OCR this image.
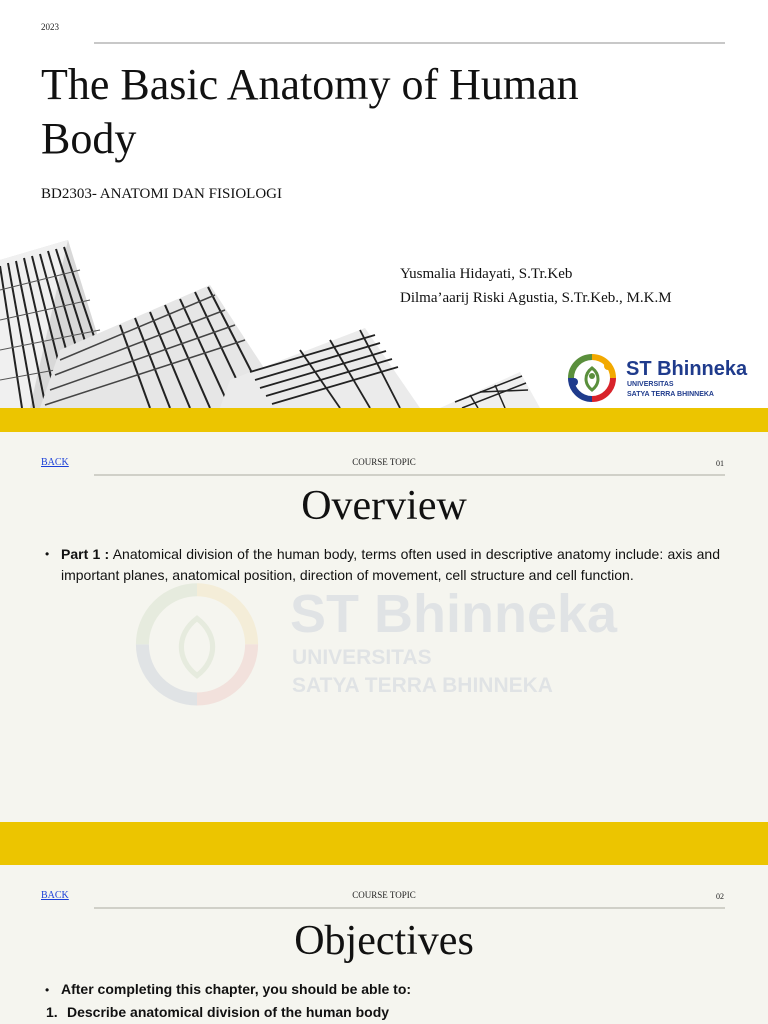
2023
The Basic Anatomy of Human Body
BD2303- ANATOMI DAN FISIOLOGI
Yusmalia Hidayati, S.Tr.Keb
Dilma’aarij Riski Agustia, S.Tr.Keb., M.K.M
ST Bhinneka
UNIVERSITAS
SATYA TERRA BHINNEKA
BACK	COURSE TOPIC	01
ST Bhinneka
UNIVERSITAS
SATYA TERRA BHINNEKA
Overview
• Part 1 : Anatomical division of the human body, terms often used in descriptive anatomy include: axis and important planes, anatomical position, direction of movement, cell structure and cell function.
BACK	COURSE TOPIC	02
Objectives
• After completing this chapter, you should be able to:
1. Describe anatomical division of the human body
